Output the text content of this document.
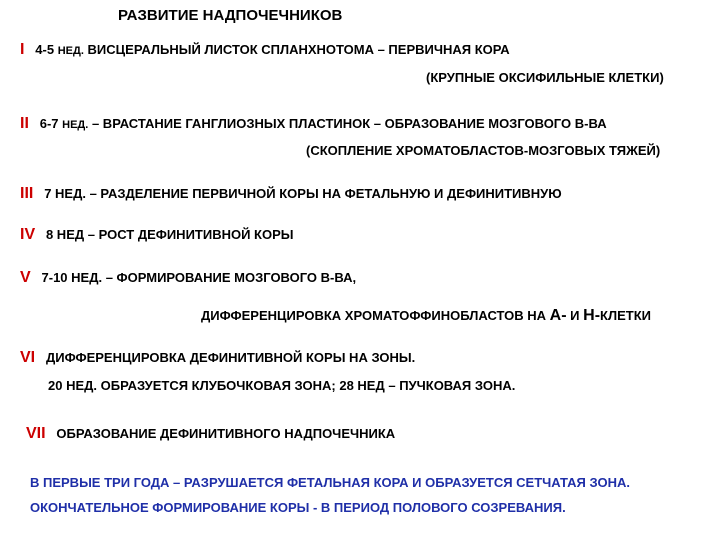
РАЗВИТИЕ НАДПОЧЕЧНИКОВ
I 4-5 НЕД. ВИСЦЕРАЛЬНЫЙ ЛИСТОК СПЛАНХНОТОМА – ПЕРВИЧНАЯ КОРА
(КРУПНЫЕ ОКСИФИЛЬНЫЕ КЛЕТКИ)
II 6-7 НЕД. – ВРАСТАНИЕ ГАНГЛИОЗНЫХ ПЛАСТИНОК – ОБРАЗОВАНИЕ МОЗГОВОГО В-ВА
(СКОПЛЕНИЕ ХРОМАТОБЛАСТОВ-МОЗГОВЫХ ТЯЖЕЙ)
III 7 НЕД. – РАЗДЕЛЕНИЕ ПЕРВИЧНОЙ КОРЫ НА ФЕТАЛЬНУЮ И ДЕФИНИТИВНУЮ
IV 8 НЕД – РОСТ ДЕФИНИТИВНОЙ КОРЫ
V 7-10 НЕД. – ФОРМИРОВАНИЕ МОЗГОВОГО В-ВА,
ДИФФЕРЕНЦИРОВКА ХРОМАТОФФИНОБЛАСТОВ НА А- И Н-КЛЕТКИ
VI ДИФФЕРЕНЦИРОВКА ДЕФИНИТИВНОЙ КОРЫ НА ЗОНЫ.
20 НЕД. ОБРАЗУЕТСЯ КЛУБОЧКОВАЯ ЗОНА; 28 НЕД – ПУЧКОВАЯ ЗОНА.
VII ОБРАЗОВАНИЕ ДЕФИНИТИВНОГО НАДПОЧЕЧНИКА
В ПЕРВЫЕ ТРИ ГОДА – РАЗРУШАЕТСЯ ФЕТАЛЬНАЯ КОРА И ОБРАЗУЕТСЯ СЕТЧАТАЯ ЗОНА.
ОКОНЧАТЕЛЬНОЕ ФОРМИРОВАНИЕ КОРЫ - В ПЕРИОД ПОЛОВОГО СОЗРЕВАНИЯ.
